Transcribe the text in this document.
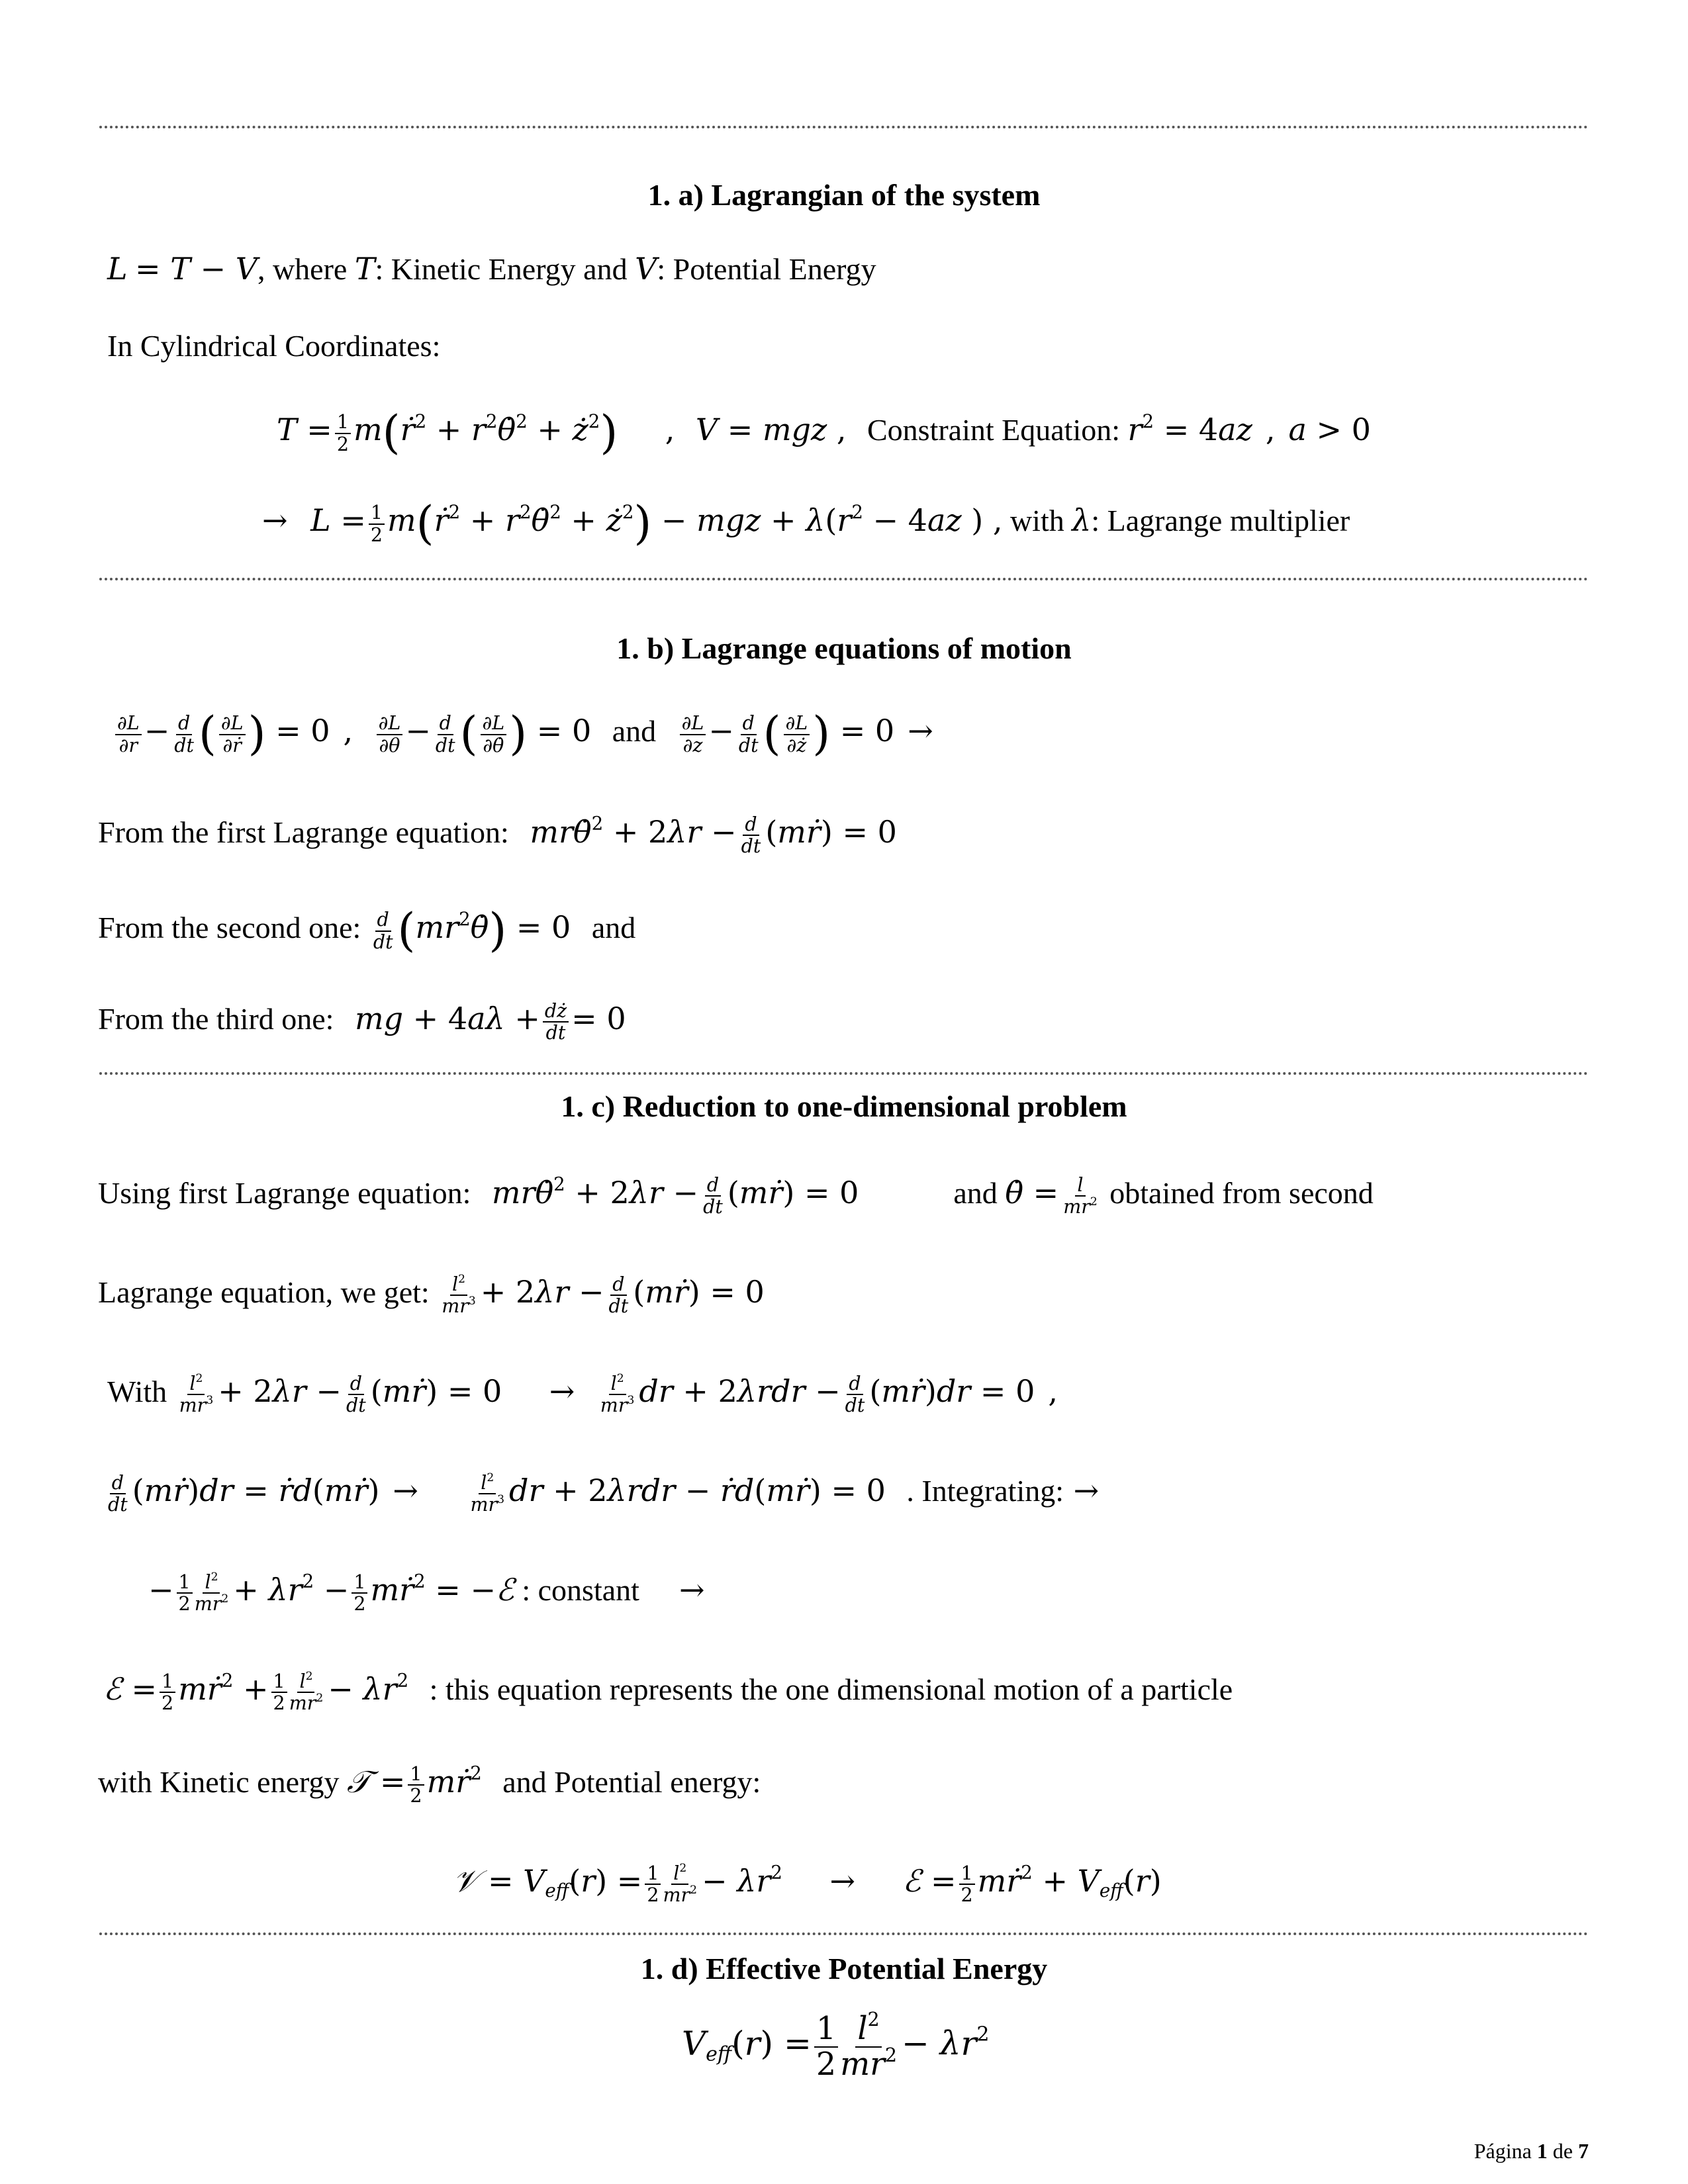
1. a) Lagrangian of the system
L = T − V, where T: Kinetic Energy and V: Potential Energy
In Cylindrical Coordinates:
$T = \frac{1}{2}$ m(ṙ$^2$ + $r^2\thetȧ^2$ + $ż^2$) , V = mgz , Constraint Equation: $r^2 = 4az$ , a > 0
→ $L = \frac{1}{2}$ m(ṙ$^2$ + $r^2\thetȧ^2$ + $ż^2$) − mgz + $\lambda(r^2 - 4az$ ) , with λ: Lagrange multiplier
1. b) Lagrange equations of motion
$\frac{\partial L}{\partial r} - \frac{d}{dt}$ ( $\frac{\partial L}{\text{∂ṙ}}$ ) = 0 , $\frac{\partial L}{\partial\theta} - \frac{d}{dt}$ ( $\frac{\partial L}{\partial\thetȧ}$ ) = 0 and $\frac{\partial L}{\partial z} - \frac{d}{dt}$ ( $\frac{\partial L}{\partial ż}$ ) = 0 →
From the first Lagrange equation: mrθ̇$^2$ + $2\lambda r - \frac{d}{dt}$ (mṙ) = 0
From the second one: $\frac{d}{dt}$ $(mr^2\thetȧ) = 0$ and
From the third one: mg + $4a\lambda + \frac{dż}{dt} = 0$
1. c) Reduction to one-dimensional problem
Using first Lagrange equation: mrθ̇$^2$ + $2\lambda r - \frac{d}{dt}$ (mṙ) = 0	and θ̇ = $\frac{l}{mr^2}$ obtained from second
Lagrange equation, we get: $\frac{l^2}{mr^3} + 2\lambda r - \frac{d}{dt}$ (mṙ) = 0
With $\frac{l^2}{mr^3} + 2\lambda r - \frac{d}{dt}$ (mṙ) = $0 \to \frac{l^2}{mr^3}$ dr + $2\lambda rdr - \frac{d}{dt}$ (mṙ)dr = 0 ,
$\frac{d}{dt}$ (mṙ)dr = ṙd(mṙ) →	$\frac{l^2}{mr^3}$ dr + 2λrdr − ṙd(mṙ) = 0 . Integrating: →
− $\frac{1}{2} \frac{l^2}{mr^2} + \lambda r^2 - \frac{1}{2}$ mṙ$^2$ = −ℰ : constant →
ℰ = $\frac{1}{2}$ mṙ$^2$ + $\frac{1}{2} \frac{l^2}{mr^2} - \lambda r^2$ : this equation represents the one dimensional motion of a particle
with Kinetic energy 𝒯 = $\frac{1}{2}$ mṙ$^2$ and Potential energy:
𝒱 = $V_{eff}(r) = \frac{1}{2} \frac{l^2}{mr^2} - \lambda r^2$ → ℰ = $\frac{1}{2}$ mṙ$^2$ + $V_{eff}(r)$
1. d) Effective Potential Energy
$V_{eff}(r) = \frac{1}{2} \frac{l^2}{mr^2} - \lambda r^2$
Página 1 de 7
